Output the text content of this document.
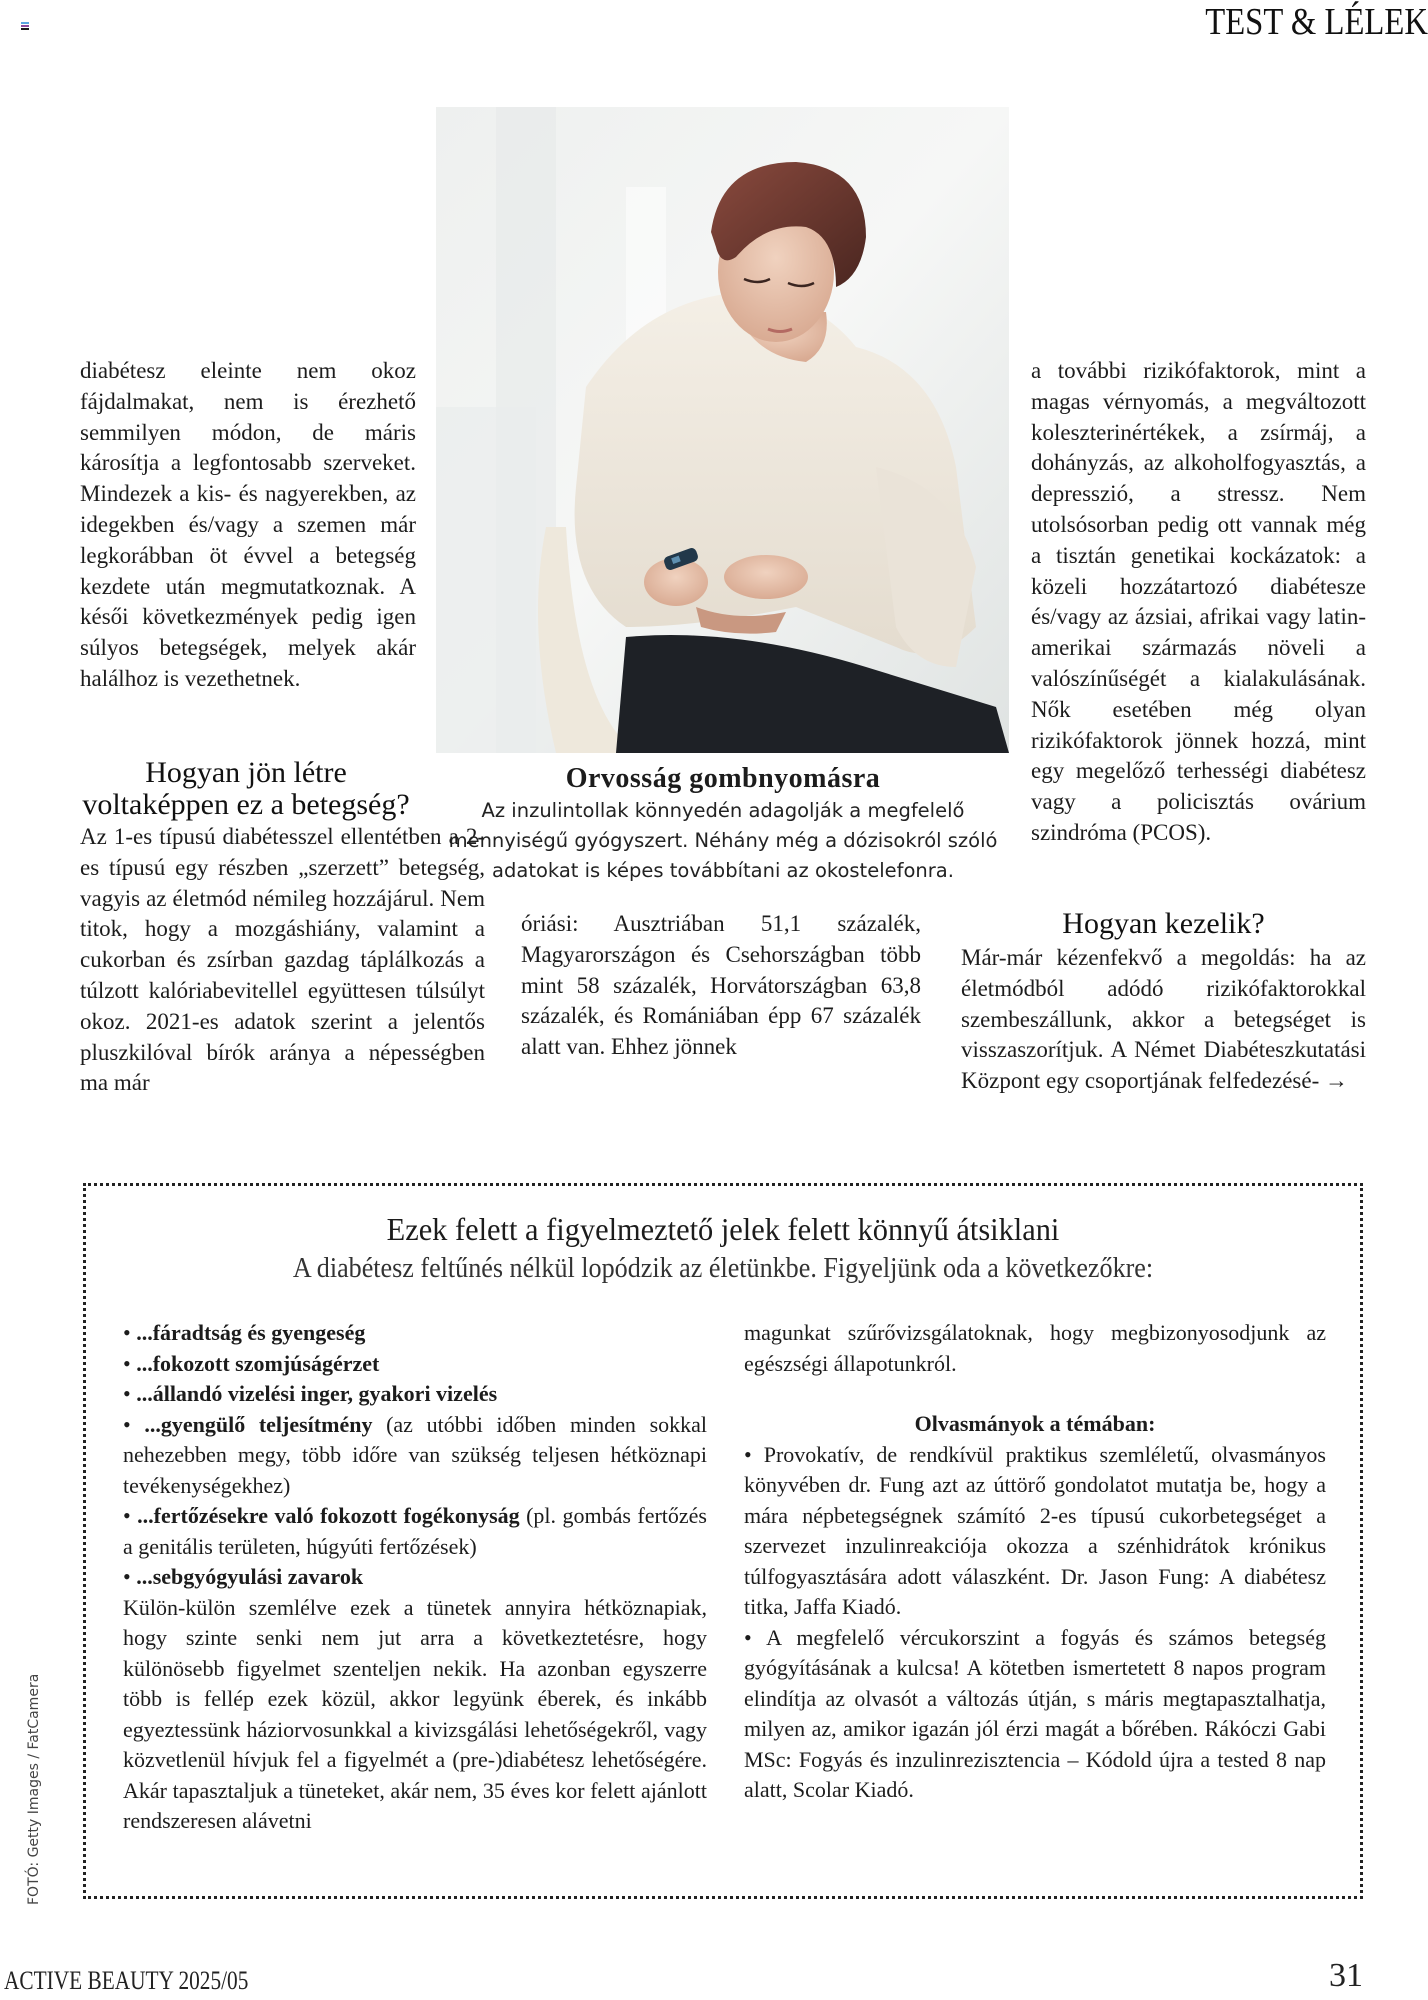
TEST & LÉLEK
Orvosság gombnyomásra
Az inzulintollak könnyedén adagolják a megfelelő mennyiségű gyógyszert. Néhány még a dózisokról szóló adatokat is képes továbbítani az okostelefonra.

diabétesz eleinte nem okoz fájdalmakat, nem is érezhető semmilyen módon, de máris károsítja a legfontosabb szerveket. Mindezek a kis- és nagyerekben, az idegekben és/vagy a szemen már legkorábban öt évvel a betegség kezdete után megmutatkoznak. A késői következmények pedig igen súlyos betegségek, melyek akár halálhoz is vezethetnek.

Hogyan jön létre voltaképpen ez a betegség?

Az 1-es típusú diabétesszel ellentétben a 2-es típusú egy részben „szerzett” betegség, vagyis az életmód némileg hozzájárul. Nem titok, hogy a mozgáshiány, valamint a cukorban és zsírban gazdag táplálkozás a túlzott kalóriabevitellel együttesen túlsúlyt okoz. 2021-es adatok szerint a jelentős pluszkilóval bírók aránya a népességben ma már

óriási: Ausztriában 51,1 százalék, Magyarországon és Csehországban több mint 58 százalék, Horvátországban 63,8 százalék, és Romániában épp 67 százalék alatt van. Ehhez jönnek

a további rizikófaktorok, mint a magas vérnyomás, a megváltozott koleszterinértékek, a zsírmáj, a dohányzás, az alkoholfogyasztás, a depresszió, a stressz. Nem utolsósorban pedig ott vannak még a tisztán genetikai kockázatok: a közeli hozzátartozó diabétesze és/vagy az ázsiai, afrikai vagy latin-amerikai származás növeli a valószínűségét a kialakulásának. Nők esetében még olyan rizikófaktorok jönnek hozzá, mint egy megelőző terhességi diabétesz vagy a policisztás ovárium szindróma (PCOS).

Hogyan kezelik?

Már-már kézenfekvő a megoldás: ha az életmódból adódó rizikófaktorokkal szembeszállunk, akkor a betegséget is visszaszorítjuk. A Német Diabéteszkutatási Központ egy csoportjának felfedezésé- →

Ezek felett a figyelmeztető jelek felett könnyű átsiklani
A diabétesz feltűnés nélkül lopódzik az életünkbe. Figyeljünk oda a következőkre:
• ...fáradtság és gyengeség
• ...fokozott szomjúságérzet
• ...állandó vizelési inger, gyakori vizelés
• ...gyengülő teljesítmény (az utóbbi időben minden sokkal nehezebben megy, több időre van szükség teljesen hétköznapi tevékenységekhez)
• ...fertőzésekre való fokozott fogékonyság (pl. gombás fertőzés a genitális területen, húgyúti fertőzések)
• ...sebgyógyulási zavarok

Külön-külön szemlélve ezek a tünetek annyira hétköznapiak, hogy szinte senki nem jut arra a következtetésre, hogy különösebb figyelmet szenteljen nekik. Ha azonban egyszerre több is fellép ezek közül, akkor legyünk éberek, és inkább egyeztessünk háziorvosunkkal a kivizsgálási lehetőségekről, vagy közvetlenül hívjuk fel a figyelmét a (pre-)diabétesz lehetőségére. Akár tapasztaljuk a tüneteket, akár nem, 35 éves kor felett ajánlott rendszeresen alávetni

magunkat szűrővizsgálatoknak, hogy megbizonyosodjunk az egészségi állapotunkról.

Olvasmányok a témában:
• Provokatív, de rendkívül praktikus szemléletű, olvasmányos könyvében dr. Fung azt az úttörő gondolatot mutatja be, hogy a mára népbetegségnek számító 2-es típusú cukorbetegséget a szervezet inzulinreakciója okozza a szénhidrátok krónikus túlfogyasztására adott válaszként. Dr. Jason Fung: A diabétesz titka, Jaffa Kiadó.
• A megfelelő vércukorszint a fogyás és számos betegség gyógyításának a kulcsa! A kötetben ismertetett 8 napos program elindítja az olvasót a változás útján, s máris megtapasztalhatja, milyen az, amikor igazán jól érzi magát a bőrében. Rákóczi Gabi MSc: Fogyás és inzulinrezisztencia – Kódold újra a tested 8 nap alatt, Scolar Kiadó.
FOTÓ: Getty Images / FatCamera
ACTIVE BEAUTY 2025/05	31
